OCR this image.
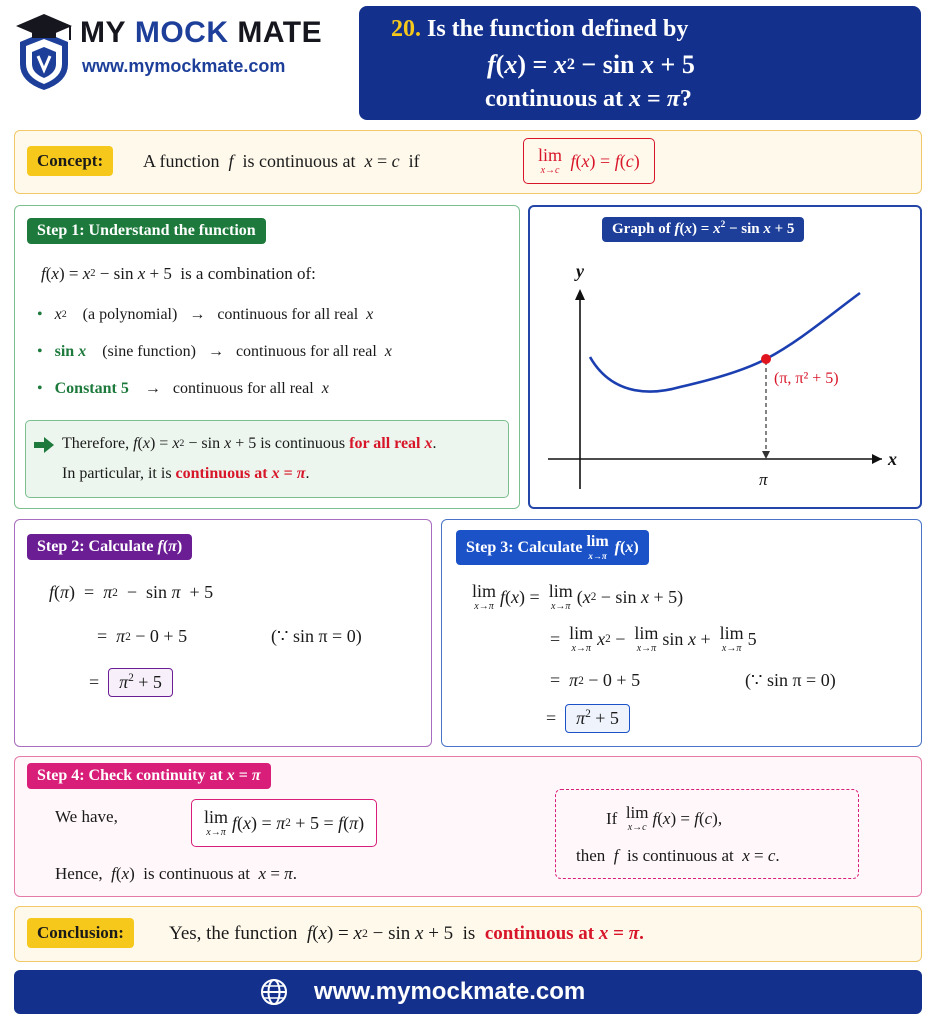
MY
MOCK
MATE
www.mymockmate.com
20.
Is the function defined by
f ( x ) = x 2 − sin x + 5
continuous at
x = π ?
Concept:	A function
f
is continuous at
x = c
if	lim
x→c
f ( x ) = f ( c )
Step 1: Understand the function
f ( x ) = x 2 − sin x + 5 is a combination of:
•
x 2
(a polynomial)
→
continuous for all real
x
•
sin x
(sine function)
→
continuous for all real
x
•
Constant 5
→
continuous for all real
x
Therefore,
f ( x ) = x 2 − sin x + 5 is continuous
for all real x .
In particular, it is
continuous at x = π .
Graph of $f(x) = x^2 - \sin x + 5$
y
x
π
(π, π² + 5)
Step 2: Calculate
f ( π )
f ( π )  = π 2 −  sin π + 5
= π 2 − 0 + 5	(∵ sin π = 0)
= $\pi^2 + 5$
Step 3: Calculate
lim
x→π

f ( x )
lim
x→π f ( x ) = lim
x→π ( x 2 − sin x + 5)
= lim
x→π x 2 − lim
x→π sin x + lim
x→π 5
= π 2 − 0 + 5	(∵ sin π = 0)
= $\pi^2 + 5$
Step 4: Check continuity at
x = π
We have,	lim
x→π f ( x ) = π 2 + 5 = f ( π )
Hence,
f ( x ) is continuous at
x = π .
If
lim
x→c f ( x ) = f ( c ),
then
f
is continuous at
x = c .
Conclusion:	Yes, the function
f ( x ) = x 2 − sin x + 5 is
continuous at x = π.
www.mymockmate.com
